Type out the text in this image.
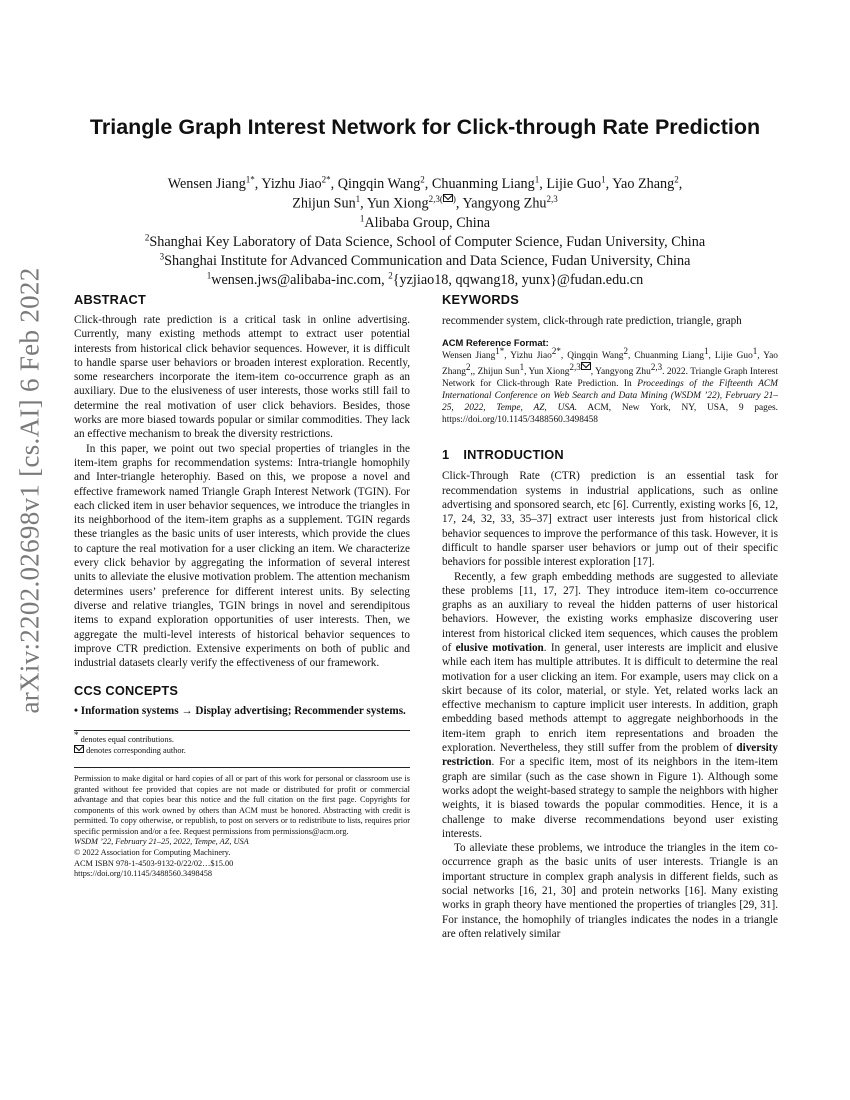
arXiv:2202.02698v1 [cs.AI] 6 Feb 2022
Triangle Graph Interest Network for Click-through Rate Prediction

Wensen Jiang$^{1*}$, Yizhu Jiao$^{2*}$, Qingqin Wang$^2$, Chuanming Liang$^1$, Lijie Guo$^1$, Yao Zhang$^2$,

Zhijun Sun$^1$, Yun Xiong$^{2,3( )}$, Yangyong Zhu$^{2,3}$

$^1$Alibaba Group, China

$^2$Shanghai Key Laboratory of Data Science, School of Computer Science, Fudan University, China

$^3$Shanghai Institute for Advanced Communication and Data Science, Fudan University, China

$^1$wensen.jws@alibaba-inc.com, $^2${yzjiao18, qqwang18, yunx}@fudan.edu.cn

ABSTRACT

Click-through rate prediction is a critical task in online advertising. Currently, many existing methods attempt to extract user potential interests from historical click behavior sequences. However, it is difficult to handle sparse user behaviors or broaden interest exploration. Recently, some researchers incorporate the item-item co-occurrence graph as an auxiliary. Due to the elusiveness of user interests, those works still fail to determine the real motivation of user click behaviors. Besides, those works are more biased towards popular or similar commodities. They lack an effective mechanism to break the diversity restrictions.

In this paper, we point out two special properties of triangles in the item-item graphs for recommendation systems: Intra-triangle homophily and Inter-triangle heterophiy. Based on this, we propose a novel and effective framework named Triangle Graph Interest Network (TGIN). For each clicked item in user behavior sequences, we introduce the triangles in its neighborhood of the item-item graphs as a supplement. TGIN regards these triangles as the basic units of user interests, which provide the clues to capture the real motivation for a user clicking an item. We characterize every click behavior by aggregating the information of several interest units to alleviate the elusive motivation problem. The attention mechanism determines users’ preference for different interest units. By selecting diverse and relative triangles, TGIN brings in novel and serendipitous items to expand exploration opportunities of user interests. Then, we aggregate the multi-level interests of historical behavior sequences to improve CTR prediction. Extensive experiments on both of public and industrial datasets clearly verify the effectiveness of our framework.

CCS CONCEPTS

• Information systems → Display advertising; Recommender systems.

* denotes equal contributions.

denotes corresponding author.

Permission to make digital or hard copies of all or part of this work for personal or classroom use is granted without fee provided that copies are not made or distributed for profit or commercial advantage and that copies bear this notice and the full citation on the first page. Copyrights for components of this work owned by others than ACM must be honored. Abstracting with credit is permitted. To copy otherwise, or republish, to post on servers or to redistribute to lists, requires prior specific permission and/or a fee. Request permissions from permissions@acm.org.

WSDM ’22, February 21–25, 2022, Tempe, AZ, USA

© 2022 Association for Computing Machinery.

ACM ISBN 978-1-4503-9132-0/22/02…$15.00

https://doi.org/10.1145/3488560.3498458

KEYWORDS

recommender system, click-through rate prediction, triangle, graph

ACM Reference Format:

Wensen Jiang$^{1*}$, Yizhu Jiao$^{2*}$, Qingqin Wang$^2$, Chuanming Liang$^1$, Lijie Guo$^1$, Yao Zhang$^2$,, Zhijun Sun$^1$, Yun Xiong$^{2,3}$, Yangyong Zhu$^{2,3}$. 2022. Triangle Graph Interest Network for Click-through Rate Prediction. In Proceedings of the Fifteenth ACM International Conference on Web Search and Data Mining (WSDM ’22), February 21–25, 2022, Tempe, AZ, USA. ACM, New York, NY, USA, 9 pages. https://doi.org/10.1145/3488560.3498458

1 INTRODUCTION

Click-Through Rate (CTR) prediction is an essential task for recommendation systems in industrial applications, such as online advertising and sponsored search, etc [6]. Currently, existing works [6, 12, 17, 24, 32, 33, 35–37] extract user interests just from historical click behavior sequences to improve the performance of this task. However, it is difficult to handle sparser user behaviors or jump out of their specific behaviors for possible interest exploration [17].

Recently, a few graph embedding methods are suggested to alleviate these problems [11, 17, 27]. They introduce item-item co-occurrence graphs as an auxiliary to reveal the hidden patterns of user historical behaviors. However, the existing works emphasize discovering user interest from historical clicked item sequences, which causes the problem of elusive motivation. In general, user interests are implicit and elusive while each item has multiple attributes. It is difficult to determine the real motivation for a user clicking an item. For example, users may click on a skirt because of its color, material, or style. Yet, related works lack an effective mechanism to capture implicit user interests. In addition, graph embedding based methods attempt to aggregate neighborhoods in the item-item graph to enrich item representations and broaden the exploration. Nevertheless, they still suffer from the problem of diversity restriction. For a specific item, most of its neighbors in the item-item graph are similar (such as the case shown in Figure 1). Although some works adopt the weight-based strategy to sample the neighbors with higher weights, it is biased towards the popular commodities. Hence, it is a challenge to make diverse recommendations beyond user existing interests.

To alleviate these problems, we introduce the triangles in the item co-occurrence graph as the basic units of user interests. Triangle is an important structure in complex graph analysis in different fields, such as social networks [16, 21, 30] and protein networks [16]. Many existing works in graph theory have mentioned the properties of triangles [29, 31]. For instance, the homophily of triangles indicates the nodes in a triangle are often relatively similar
